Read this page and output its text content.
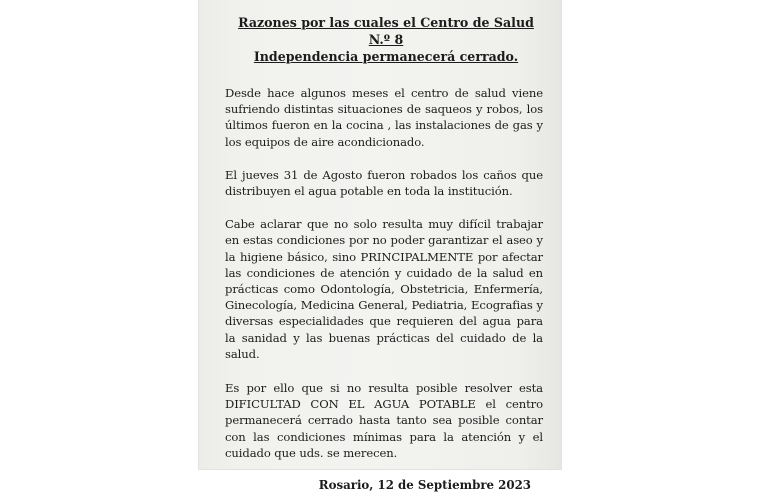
Razones por las cuales el Centro de Salud N.º 8
Independencia permanecerá cerrado.

Desde hace algunos meses el centro de salud viene sufriendo distintas situaciones de saqueos y robos, los últimos fueron en la cocina , las instalaciones de gas y los equipos de aire acondicionado.

El jueves 31 de Agosto fueron robados los caños que distribuyen el agua potable en toda la institución.

Cabe aclarar que no solo resulta muy difícil trabajar en estas condiciones por no poder garantizar el aseo y la higiene básico, sino PRINCIPALMENTE por afectar las condiciones de atención y cuidado de la salud en prácticas como Odontología, Obstetricia, Enfermería, Ginecología, Medicina General, Pediatria, Ecografias y diversas especialidades que requieren del agua para la sanidad y las buenas prácticas del cuidado de la salud.

Es por ello que si no resulta posible resolver esta DIFICULTAD CON EL AGUA POTABLE el centro permanecerá cerrado hasta tanto sea posible contar con las condiciones mínimas para la atención y el cuidado que uds. se merecen.

Rosario, 12 de Septiembre 2023
